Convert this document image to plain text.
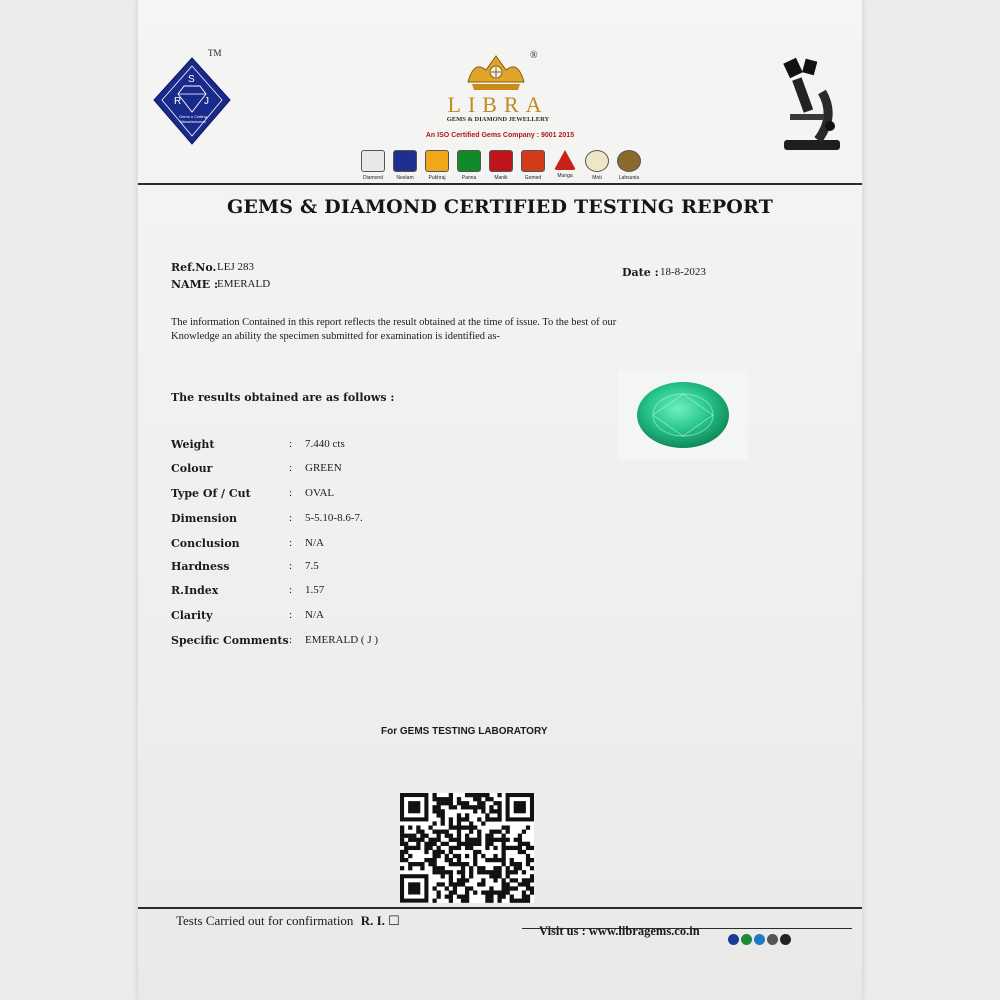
TM
S
R J
Gems n Cutting Manufacturers
®
LIBRA
GEMS & DIAMOND JEWELLERY
An ISO Certified Gems Company : 9001 2015
Diamond	Neelam	Pukhraj	Panna	Manik	Gomed	Munga	Moti	Lahsunia
GEMS & DIAMOND CERTIFIED TESTING REPORT
Ref.No. LEJ 283
NAME :
EMERALD
Date : 18-8-2023
The information Contained in this report reflects the result obtained at the time of issue. To the best of our
Knowledge an ability the specimen submitted for examination is identified as-
The results obtained are as follows :
Weight	: 7.440 cts
Colour	: GREEN
Type Of / Cut	: OVAL
Dimension	: 5-5.10-8.6-7.
Conclusion	: N/A
Hardness	: 7.5
R.Index	: 1.57
Clarity	: N/A
Specific Comments : EMERALD ( J )
For GEMS TESTING LABORATORY
Tests Carried out for confirmation R. I. ☐
Visit us : www.libragems.co.in
